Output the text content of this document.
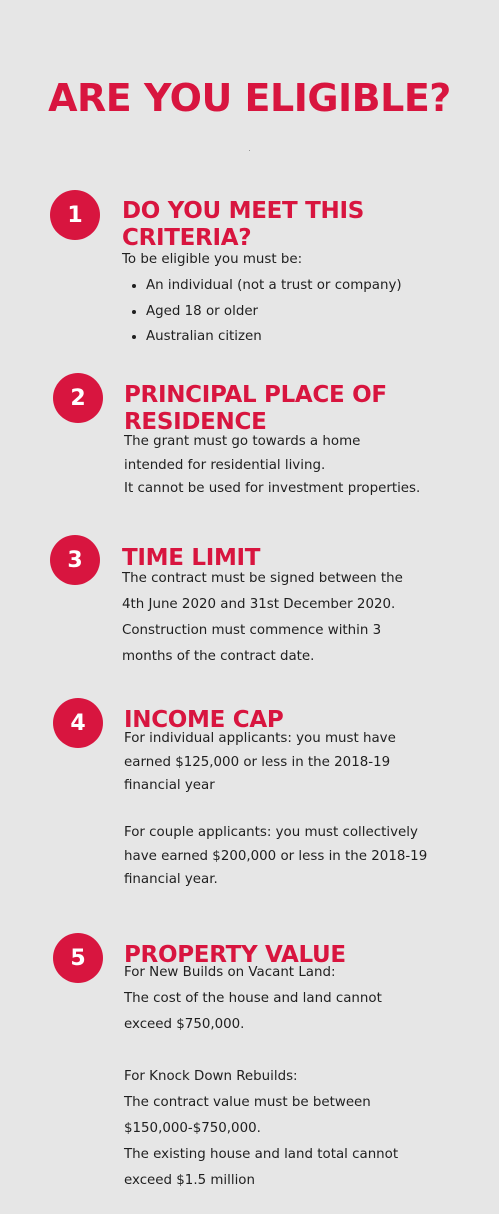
ARE YOU ELIGIBLE?
1	DO YOU MEET THIS
CRITERIA?

To be eligible you must be:

• An individual (not a trust or company)
• Aged 18 or older
• Australian citizen
2	PRINCIPAL PLACE OF
RESIDENCE

The grant must go towards a home

intended for residential living.

It cannot be used for investment properties.

3	TIME LIMIT

The contract must be signed between the

4th June 2020 and 31st December 2020.

Construction must commence within 3

months of the contract date.

4	INCOME CAP

For individual applicants: you must have

earned $125,000 or less in the 2018-19

financial year

For couple applicants: you must collectively

have earned $200,000 or less in the 2018-19

financial year.

5	PROPERTY VALUE

For New Builds on Vacant Land:

The cost of the house and land cannot

exceed $750,000.

For Knock Down Rebuilds:

The contract value must be between

$150,000-$750,000.

The existing house and land total cannot

exceed $1.5 million
